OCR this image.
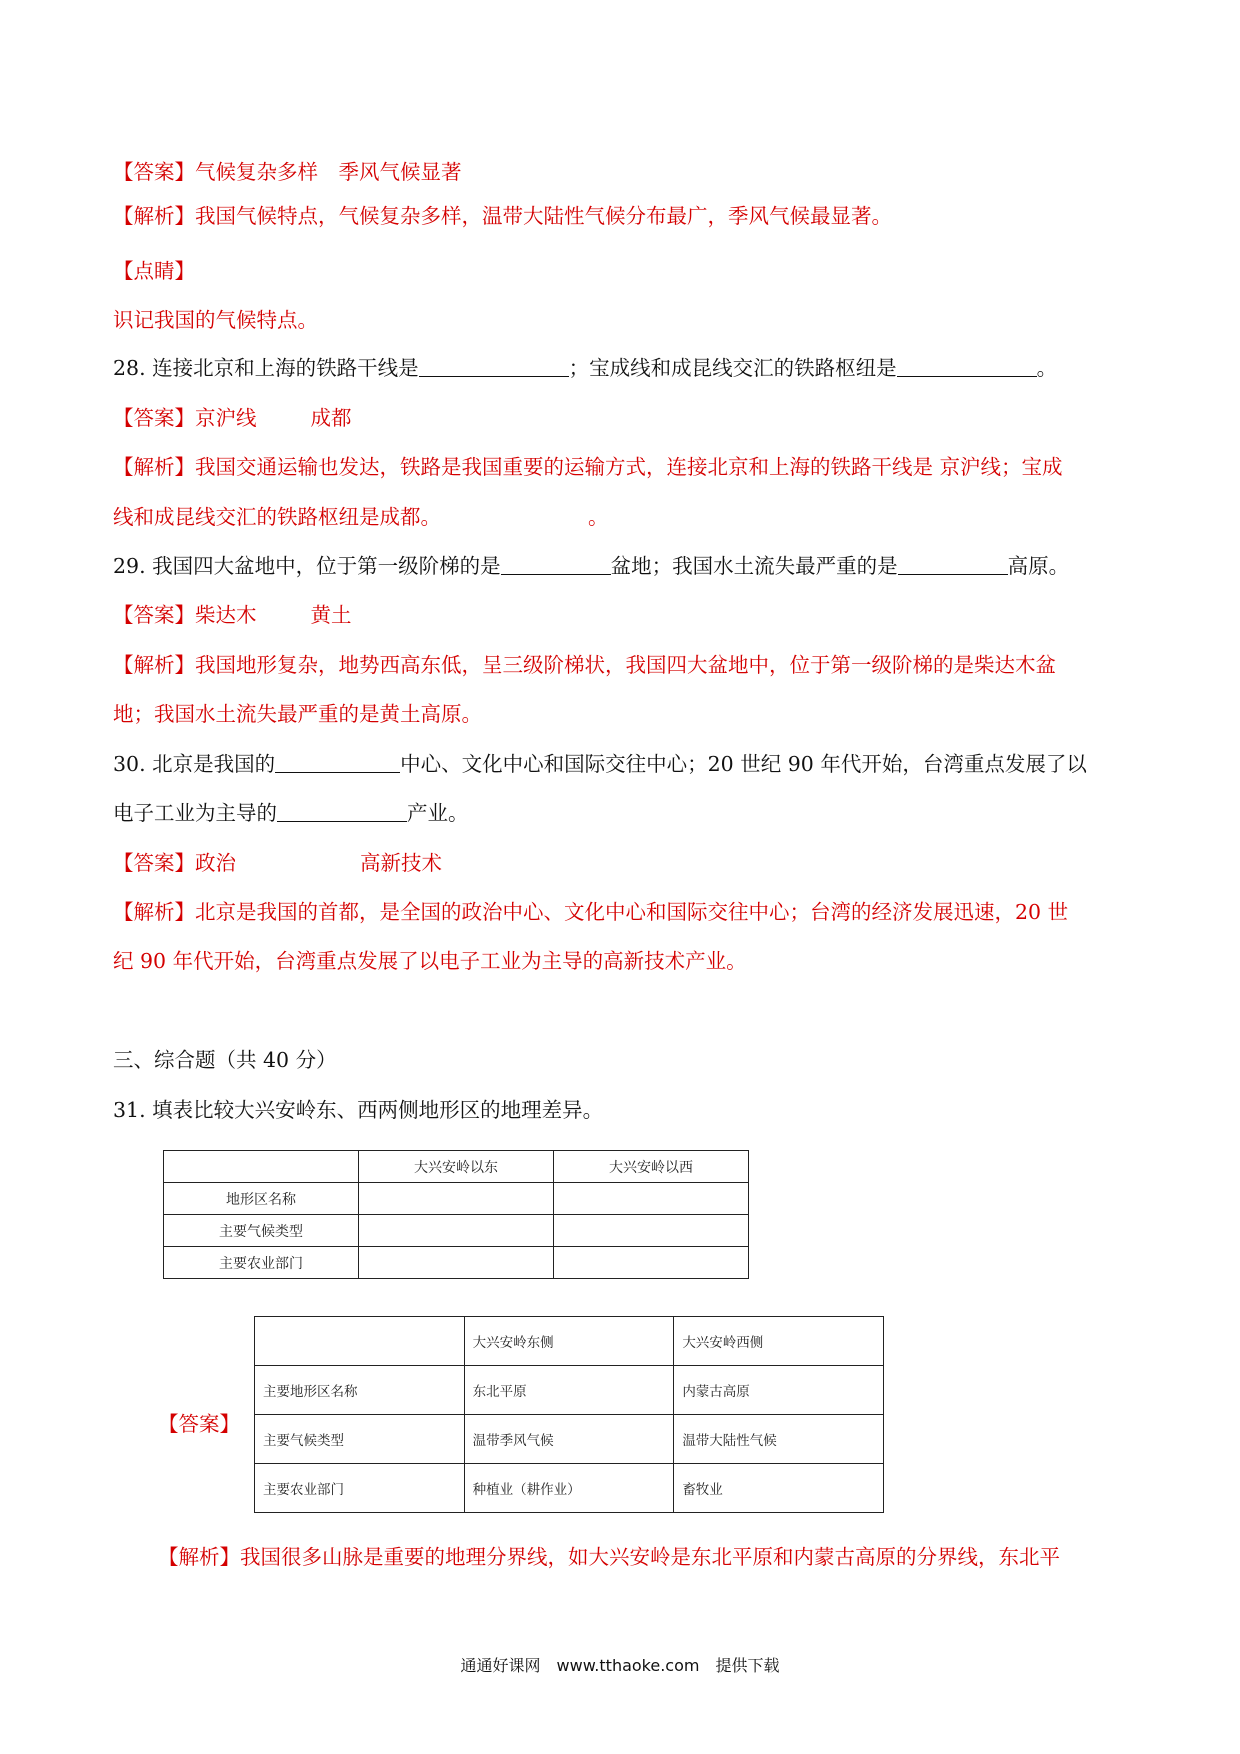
【答案】气候复杂多样　季风气候显著
【解析】我国气候特点，气候复杂多样，温带大陆性气候分布最广，季风气候最显著。
【点睛】
识记我国的气候特点。
28. 连接北京和上海的铁路干线是	；宝成线和成昆线交汇的铁路枢纽是	。
【答案】京沪线	成都
【解析】我国交通运输也发达，铁路是我国重要的运输方式，连接北京和上海的铁路干线是 京沪线；宝成
线和成昆线交汇的铁路枢纽是成都。	。
29. 我国四大盆地中，位于第一级阶梯的是	盆地；我国水土流失最严重的是	高原。
【答案】柴达木	黄土
【解析】我国地形复杂，地势西高东低，呈三级阶梯状，我国四大盆地中，位于第一级阶梯的是柴达木盆
地；我国水土流失最严重的是黄土高原。
30. 北京是我国的	中心、文化中心和国际交往中心；20 世纪 90 年代开始，台湾重点发展了以
电子工业为主导的	产业。
【答案】政治	高新技术
【解析】北京是我国的首都，是全国的政治中心、文化中心和国际交往中心；台湾的经济发展迅速，20 世
纪 90 年代开始，台湾重点发展了以电子工业为主导的高新技术产业。
三、综合题（共 40 分）
31. 填表比较大兴安岭东、西两侧地形区的地理差异。
	大兴安岭以东	大兴安岭以西
地形区名称		
主要气候类型		
主要农业部门		
【答案】
	大兴安岭东侧	大兴安岭西侧
主要地形区名称	东北平原	内蒙古高原
主要气候类型	温带季风气候	温带大陆性气候
主要农业部门	种植业（耕作业）	畜牧业
【解析】我国很多山脉是重要的地理分界线，如大兴安岭是东北平原和内蒙古高原的分界线，东北平
通通好课网　www.tthaoke.com　提供下载
